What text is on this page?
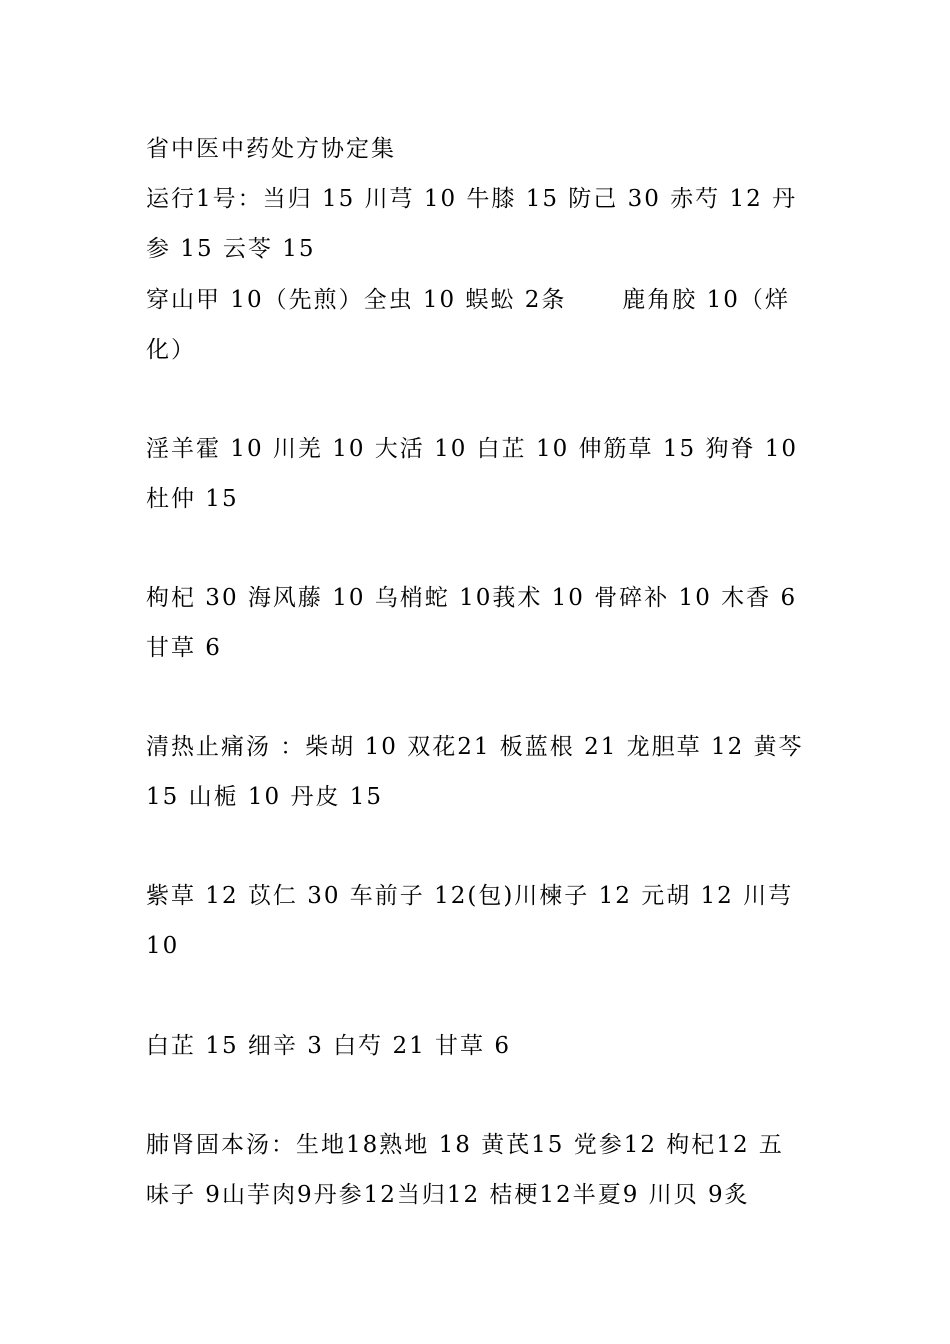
省中医中药处方协定集
运行1号：当归 15 川芎 10 牛膝 15 防己 30 赤芍 12 丹
参 15 云苓 15
穿山甲 10（先煎）全虫 10 蜈蚣 2条      鹿角胶 10（烊
化）
淫羊霍 10 川羌 10 大活 10 白芷 10 伸筋草 15 狗脊 10
杜仲 15
枸杞 30 海风藤 10 乌梢蛇 10莪术 10 骨碎补 10 木香 6
甘草 6
清热止痛汤 ：柴胡 10 双花21 板蓝根 21 龙胆草 12 黄芩
15 山栀 10 丹皮 15
紫草 12 苡仁 30 车前子 12(包)川楝子 12 元胡 12 川芎
10
白芷 15 细辛 3 白芍 21 甘草 6
肺肾固本汤：生地18熟地 18 黄芪15 党参12 枸杞12 五
味子 9山芋肉9丹参12当归12 桔梗12半夏9 川贝 9炙
